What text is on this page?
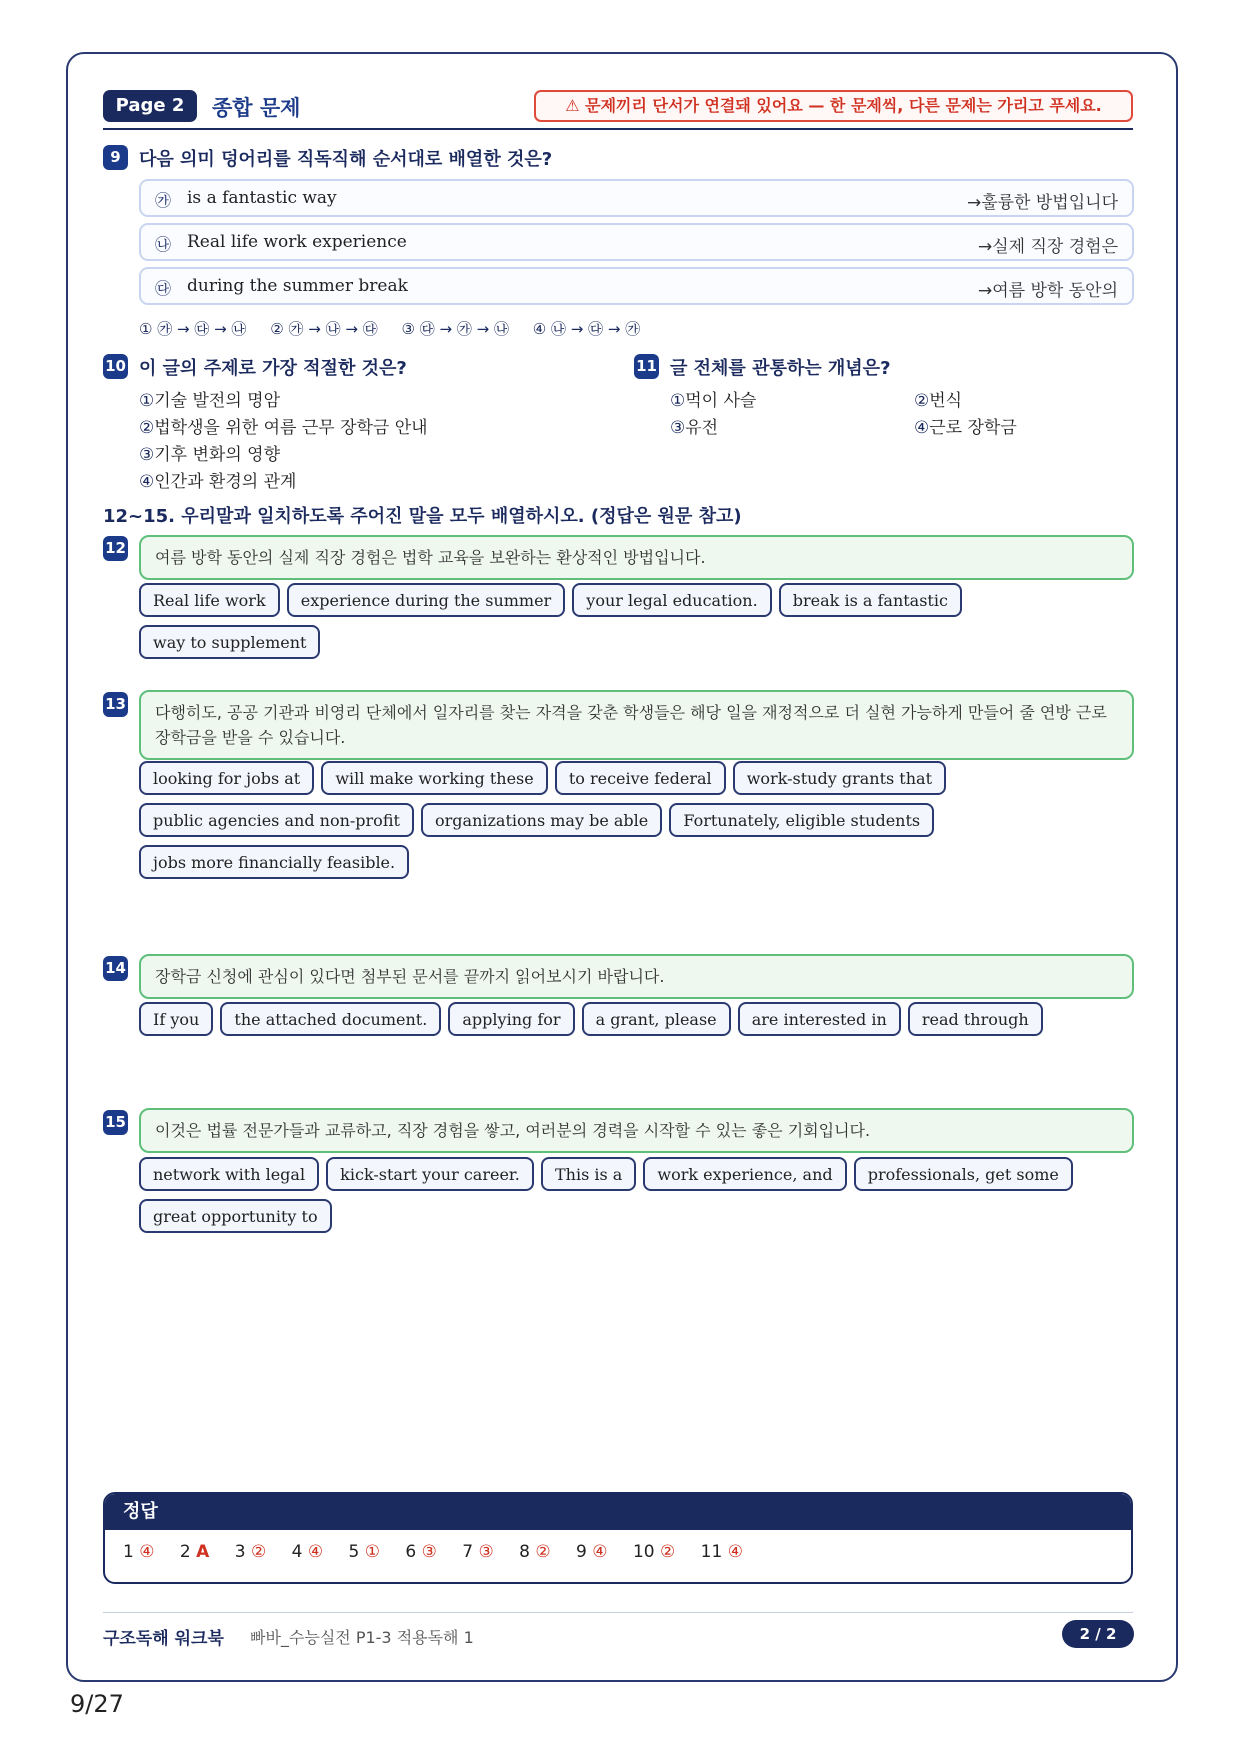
Page 2	종합 문제	⚠ 문제끼리 단서가 연결돼 있어요 — 한 문제씩, 다른 문제는 가리고 푸세요.
9	다음 의미 덩어리를 직독직해 순서대로 배열한 것은?
㉮ is a fantastic way	→훌륭한 방법입니다
㉯ Real life work experience	→실제 직장 경험은
㉰ during the summer break	→여름 방학 동안의
① ㉮ → ㉰ → ㉯     ② ㉮ → ㉯ → ㉰     ③ ㉰ → ㉮ → ㉯     ④ ㉯ → ㉰ → ㉮
10 이 글의 주제로 가장 적절한 것은?
①기술 발전의 명암
②법학생을 위한 여름 근무 장학금 안내
③기후 변화의 영향
④인간과 환경의 관계
11 글 전체를 관통하는 개념은?
①먹이 사슬	②번식
③유전	④근로 장학금
12~15. 우리말과 일치하도록 주어진 말을 모두 배열하시오. (정답은 원문 참고)
12	여름 방학 동안의 실제 직장 경험은 법학 교육을 보완하는 환상적인 방법입니다.
Real life work experience during the summer your legal education. break is a fantastic way to supplement
13	다행히도, 공공 기관과 비영리 단체에서 일자리를 찾는 자격을 갖춘 학생들은 해당 일을 재정적으로 더 실현 가능하게 만들어 줄 연방 근로 장학금을 받을 수 있습니다.
looking for jobs at will make working these to receive federal work-study grants that
public agencies and non-profit organizations may be able Fortunately, eligible students
jobs more financially feasible.
14	장학금 신청에 관심이 있다면 첨부된 문서를 끝까지 읽어보시기 바랍니다.
If you the attached document. applying for a grant, please are interested in read through
15	이것은 법률 전문가들과 교류하고, 직장 경험을 쌓고, 여러분의 경력을 시작할 수 있는 좋은 기회입니다.
network with legal kick-start your career. This is a work experience, and professionals, get some
great opportunity to
정답
1 ④ 2 A 3 ② 4 ④ 5 ① 6 ③ 7 ③ 8 ② 9 ④ 10 ② 11 ④
구조독해 워크북 빠바_수능실전 P1-3 적용독해 1	2 / 2
9/27
